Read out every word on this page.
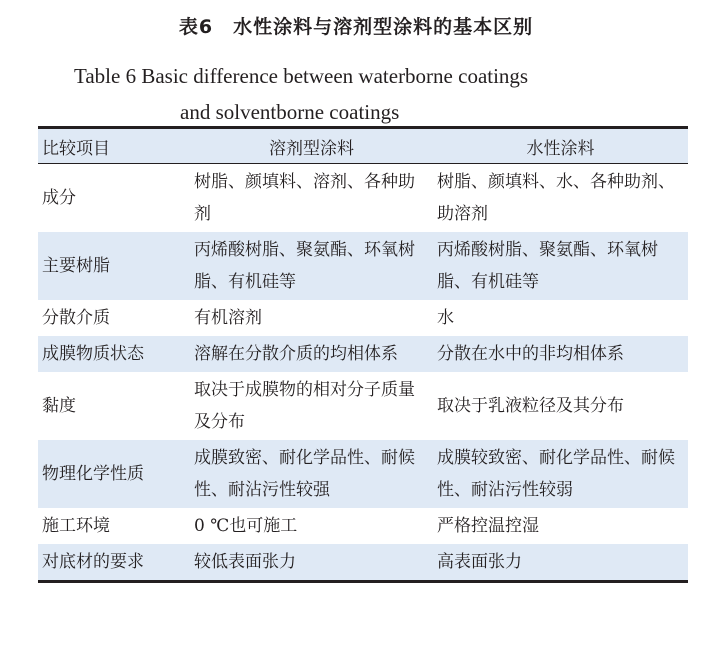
表6　水性涂料与溶剂型涂料的基本区别
Table 6 Basic difference between waterborne coatings
and solventborne coatings
比较项目	溶剂型涂料	水性涂料
成分	树脂、颜填料、溶剂、各种助剂	树脂、颜填料、水、各种助剂、助溶剂
主要树脂	丙烯酸树脂、聚氨酯、环氧树脂、有机硅等	丙烯酸树脂、聚氨酯、环氧树脂、有机硅等
分散介质	有机溶剂	水
成膜物质状态	溶解在分散介质的均相体系	分散在水中的非均相体系
黏度	取决于成膜物的相对分子质量及分布	取决于乳液粒径及其分布
物理化学性质	成膜致密、耐化学品性、耐候性、耐沾污性较强	成膜较致密、耐化学品性、耐候性、耐沾污性较弱
施工环境	0 ℃也可施工	严格控温控湿
对底材的要求	较低表面张力	高表面张力
